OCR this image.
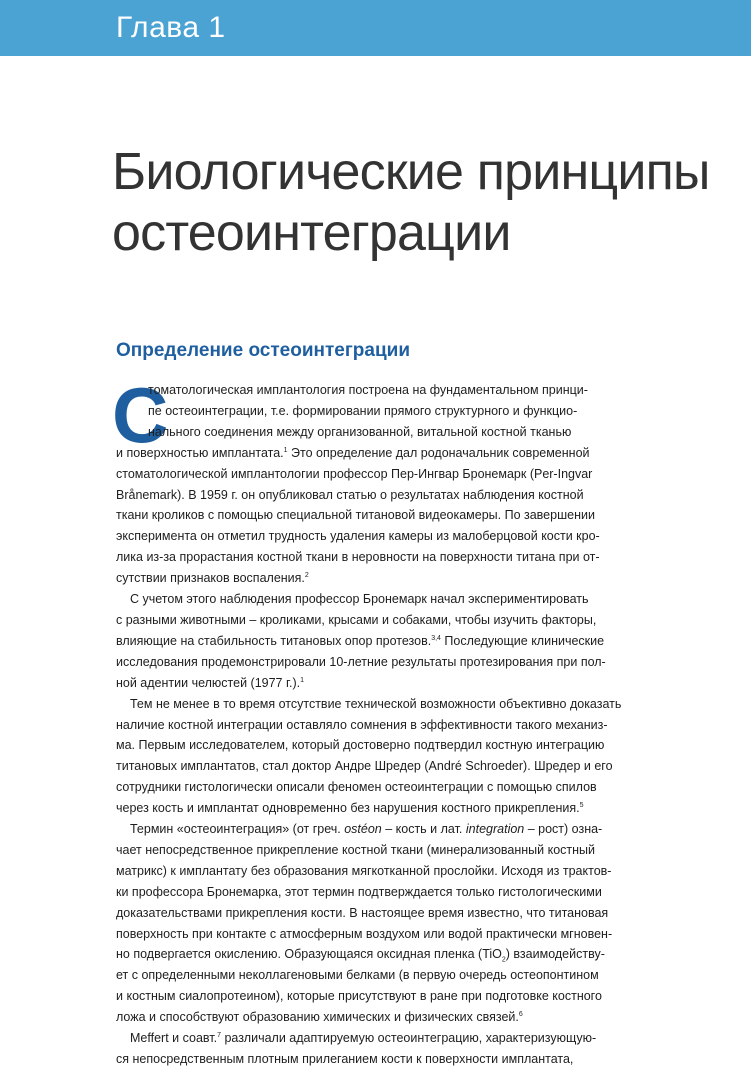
Глава 1
Биологические принципы
остеоинтеграции
Определение остеоинтеграции
С
томатологическая имплантология построена на фундаментальном принци-
пе остеоинтеграции, т.е. формировании прямого структурного и функцио-
нального соединения между организованной, витальной костной тканью
и поверхностью имплантата.$^1$ Это определение дал родоначальник современной
стоматологической имплантологии профессор Пер-Ингвар Бронемарк (Per-Ingvar
Brånemark). В 1959 г. он опубликовал статью о результатах наблюдения костной
ткани кроликов с помощью специальной титановой видеокамеры. По завершении
эксперимента он отметил трудность удаления камеры из малоберцовой кости кро-
лика из-за прорастания костной ткани в неровности на поверхности титана при от-
сутствии признаков воспаления.$^2$
С учетом этого наблюдения профессор Бронемарк начал экспериментировать
с разными животными – кроликами, крысами и собаками, чтобы изучить факторы,
влияющие на стабильность титановых опор протезов.$^{3,4}$ Последующие клинические
исследования продемонстрировали 10-летние результаты протезирования при пол-
ной адентии челюстей (1977 г.).$^1$
Тем не менее в то время отсутствие технической возможности объективно доказать
наличие костной интеграции оставляло сомнения в эффективности такого механиз-
ма. Первым исследователем, который достоверно подтвердил костную интеграцию
титановых имплантатов, стал доктор Андре Шредер (André Schroeder). Шредер и его
сотрудники гистологически описали феномен остеоинтеграции с помощью спилов
через кость и имплантат одновременно без нарушения костного прикрепления.$^5$
Термин «остеоинтеграция» (от греч. ostéon – кость и лат. integration – рост) озна-
чает непосредственное прикрепление костной ткани (минерализованный костный
матрикс) к имплантату без образования мягкотканной прослойки. Исходя из трактов-
ки профессора Бронемарка, этот термин подтверждается только гистологическими
доказательствами прикрепления кости. В настоящее время известно, что титановая
поверхность при контакте с атмосферным воздухом или водой практически мгновен-
но подвергается окислению. Образующаяся оксидная пленка (TiO$_2$) взаимодейству-
ет с определенными неколлагеновыми белками (в первую очередь остеопонтином
и костным сиалопротеином), которые присутствуют в ране при подготовке костного
ложа и способствуют образованию химических и физических связей.$^6$
Meffert и соавт.$^7$ различали адаптируемую остеоинтеграцию, характеризующую-
ся непосредственным плотным прилеганием кости к поверхности имплантата,
